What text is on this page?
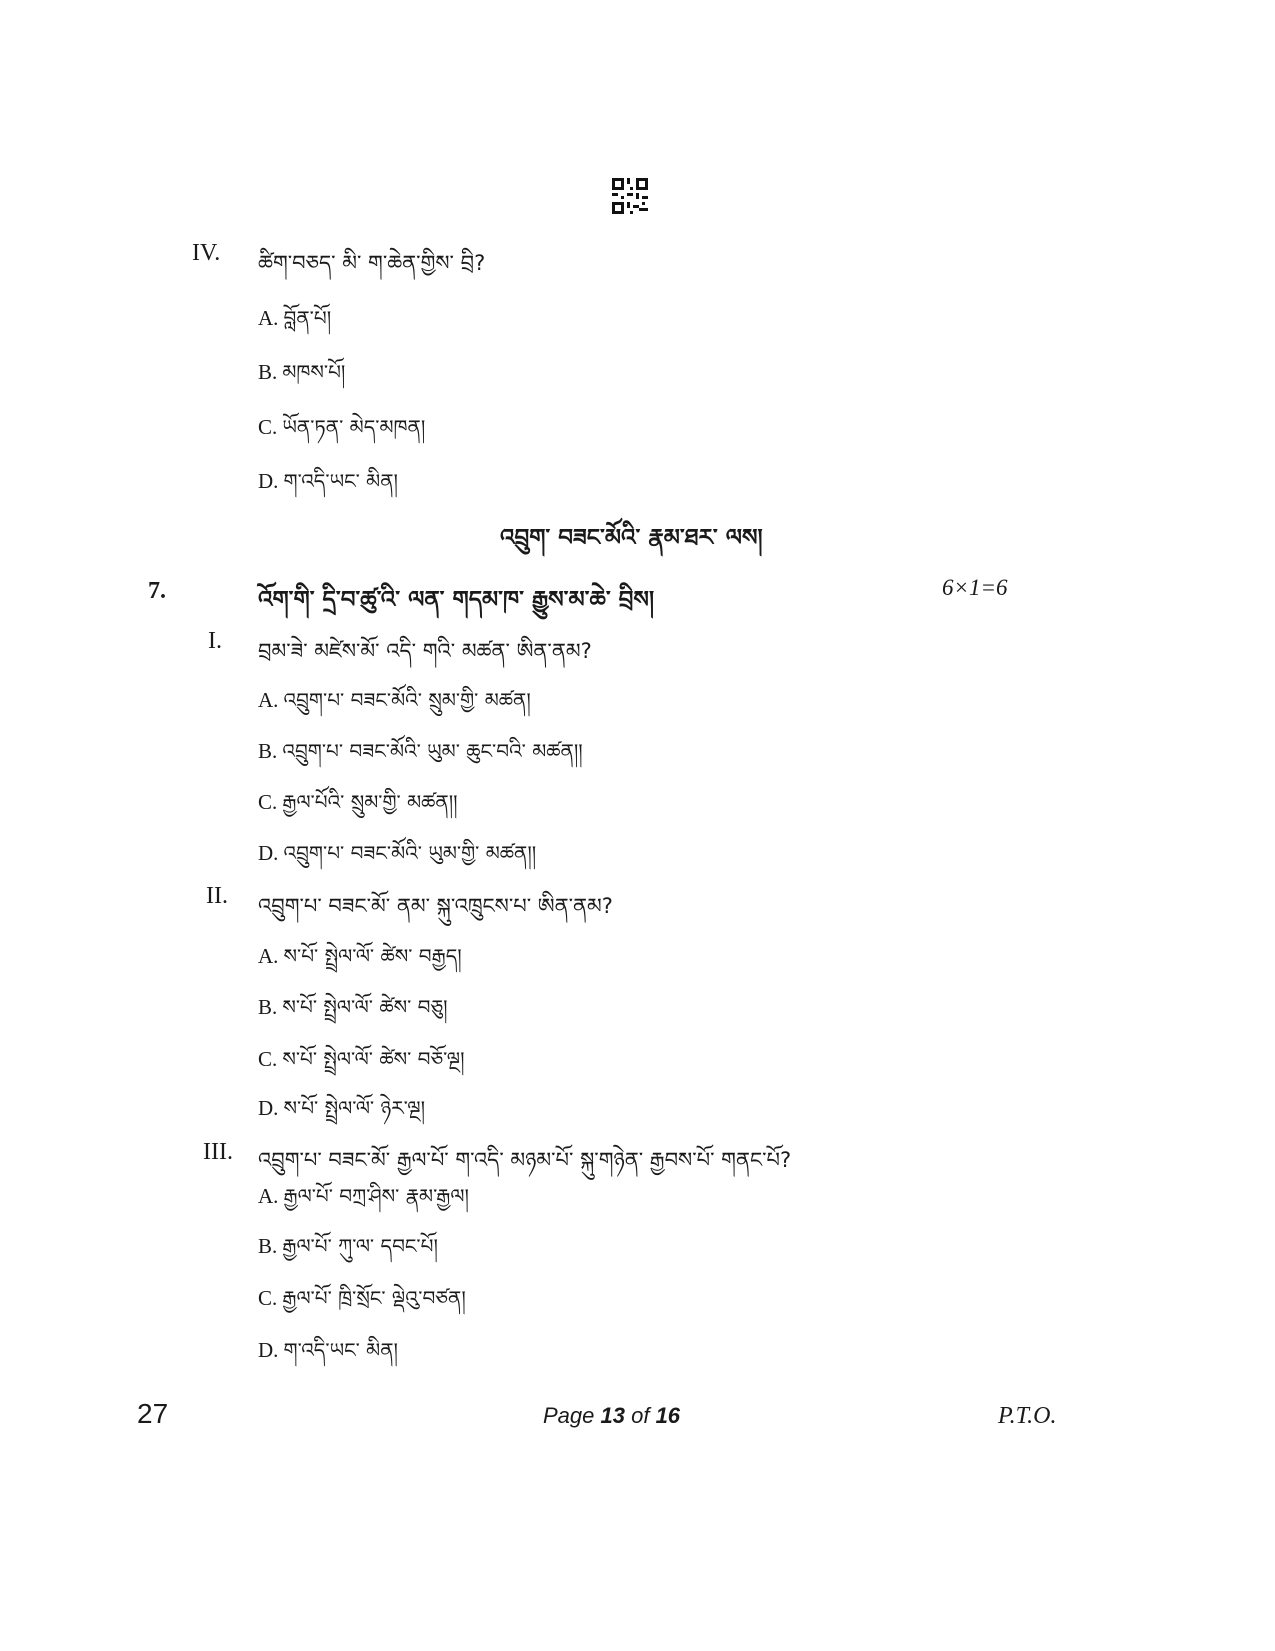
IV. ཚིག་བཅད་ མི་ ག་ཆེན་གྱིས་ བྲི?
A. བློན་པོ།
B. མཁས་པོ།
C. ཡོན་ཏན་ མེད་མཁན།
D. ག་འདི་ཡང་ མིན།
འབྲུག་ བཟང་མོའི་ རྣམ་ཐར་ ལས།
7.	འོག་གི་ དྲི་བ་ཚུ་འི་ ལན་ གདམ་ཁ་ རྒྱུས་མ་ཆེ་ བྲིས།	6×1=6
I. བྲམ་ཟེ་ མཛེས་མོ་ འདི་ གའི་ མཚན་ ཨིན་ནམ?
A. འབྲུག་པ་ བཟང་མོའི་ སྲུམ་གྱི་ མཚན།
B. འབྲུག་པ་ བཟང་མོའི་ ཡུམ་ ཆུང་བའི་ མཚན།།
C. རྒྱལ་པོའི་ སྲུམ་གྱི་ མཚན།།
D. འབྲུག་པ་ བཟང་མོའི་ ཡུམ་གྱི་ མཚན།།
II. འབྲུག་པ་ བཟང་མོ་ ནམ་ སྐུ་འཁྲུངས་པ་ ཨིན་ནམ?
A. ས་པོ་ སྤྲེལ་ལོ་ ཚེས་ བརྒྱད།
B. ས་པོ་ སྤྲེལ་ལོ་ ཚེས་ བཅུ།
C. ས་པོ་ སྤྲེལ་ལོ་ ཚེས་ བཅོ་ལྔ།
D. ས་པོ་ སྤྲེལ་ལོ་ ཉེར་ལྔ།
III. འབྲུག་པ་ བཟང་མོ་ རྒྱལ་པོ་ ག་འདི་ མཉམ་པོ་ སྐུ་གཉེན་ རྒྱབས་པོ་ གནང་པོ?
A. རྒྱལ་པོ་ བཀྲ་ཤིས་ རྣམ་རྒྱལ།
B. རྒྱལ་པོ་ ཀུ་ལ་ དབང་པོ།
C. རྒྱལ་པོ་ ཁྲི་སྲོང་ ལྡེའུ་བཙན།
D. ག་འདི་ཡང་ མིན།
27	Page 13 of 16	P.T.O.
